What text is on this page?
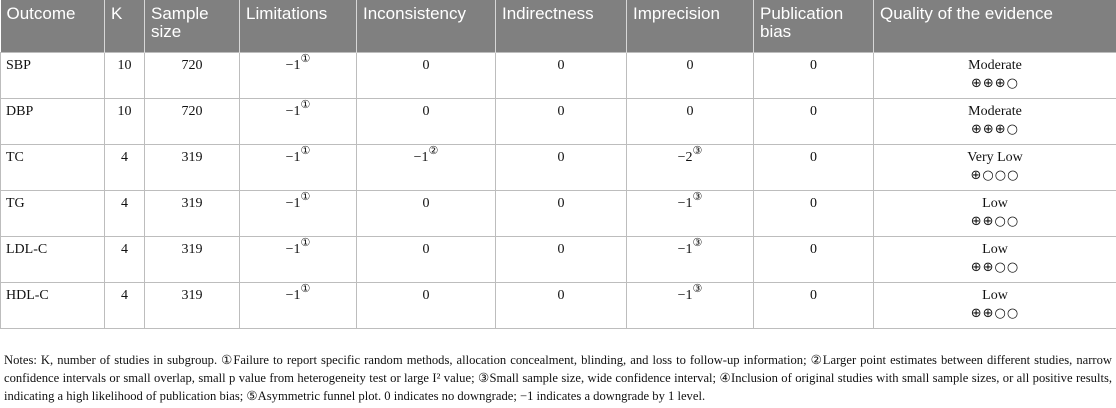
Outcome	K	Sample size	Limitations	Inconsistency	Indirectness	Imprecision	Publication bias	Quality of the evidence
SBP	10	720	−1①	0	0	0	0	Moderate
⊕⊕⊕○

DBP	10	720	−1①	0	0	0	0	Moderate
⊕⊕⊕○

TC	4	319	−1①	−1②	0	−2③	0	Very Low
⊕○○○

TG	4	319	−1①	0	0	−1③	0	Low
⊕⊕○○

LDL-C	4	319	−1①	0	0	−1③	0	Low
⊕⊕○○

HDL-C	4	319	−1①	0	0	−1③	0	Low
⊕⊕○○
Notes: K, number of studies in subgroup. ①Failure to report specific random methods, allocation concealment, blinding, and loss to follow-up information; ②Larger point estimates between different studies, narrow confidence intervals or small overlap, small p value from heterogeneity test or large I² value; ③Small sample size, wide confidence interval; ④Inclusion of original studies with small sample sizes, or all positive results, indicating a high likelihood of publication bias; ⑤Asymmetric funnel plot. 0 indicates no downgrade; −1 indicates a downgrade by 1 level.
